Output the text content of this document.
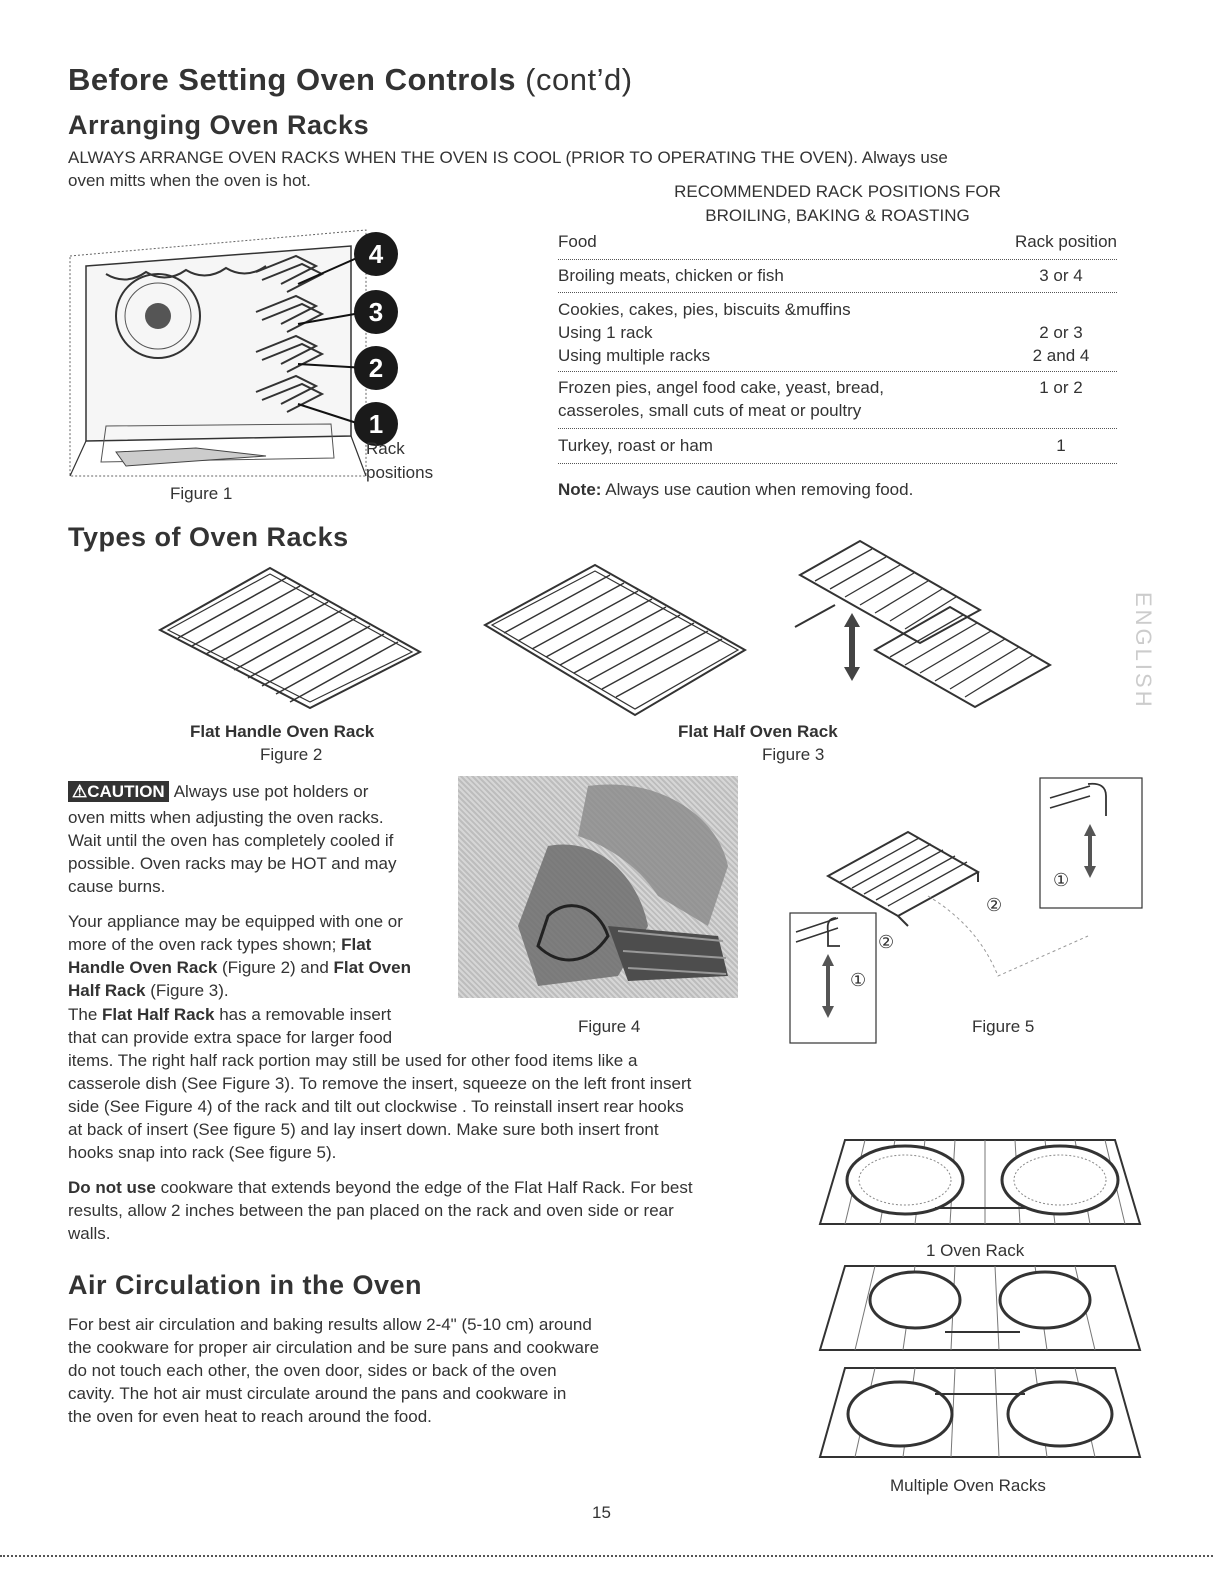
Before Setting Oven Controls (cont’d)
Arranging Oven Racks
ALWAYS ARRANGE OVEN RACKS WHEN THE OVEN IS COOL (PRIOR TO OPERATING THE OVEN). Always use
oven mitts when the oven is hot.
4
3
2
1
Rack
positions
Figure 1
RECOMMENDED RACK POSITIONS FOR
BROILING, BAKING & ROASTING
Food	Rack position
Broiling meats, chicken or fish	3 or 4
Cookies, cakes, pies, biscuits &muffins
Using 1 rack	2 or 3
Using multiple racks	2 and 4
Frozen pies, angel food cake, yeast, bread,	1 or 2
casseroles, small cuts of meat or poultry
Turkey, roast or ham	1
Note: Always use caution when removing food.
Types of Oven Racks
Flat Handle Oven Rack
Figure 2
Flat Half Oven Rack
Figure 3
ENGLISH
⚠CAUTION Always use pot holders or
oven mitts when adjusting the oven racks.
Wait until the oven has completely cooled if
possible. Oven racks may be HOT and may
cause burns.
Your appliance may be equipped with one or
more of the oven rack types shown; Flat
Handle Oven Rack (Figure 2) and Flat Oven
Half Rack (Figure 3).
The Flat Half Rack has a removable insert
that can provide extra space for larger food
items. The right half rack portion may still be used for other food items like a
casserole dish (See Figure 3). To remove the insert, squeeze on the left front insert
side (See Figure 4) of the rack and tilt out clockwise . To reinstall insert rear hooks
at back of insert (See figure 5) and lay insert down. Make sure both insert front
hooks snap into rack (See figure 5).
Do not use cookware that extends beyond the edge of the Flat Half Rack. For best
results, allow 2 inches between the pan placed on the rack and oven side or rear
walls.
Figure 4
①
②
②
①
Figure 5
1 Oven Rack
Multiple Oven Racks
Air Circulation in the Oven
For best air circulation and baking results allow 2-4" (5-10 cm) around
the cookware for proper air circulation and be sure pans and cookware
do not touch each other, the oven door, sides or back of the oven
cavity. The hot air must circulate around the pans and cookware in
the oven for even heat to reach around the food.
15
